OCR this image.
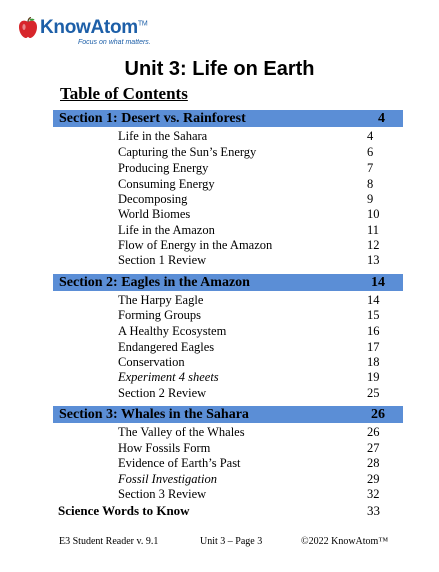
KnowAtom™
Focus on what matters.
Unit 3: Life on Earth
Table of Contents
Section 1: Desert vs. Rainforest	4
Life in the Sahara	4
Capturing the Sun’s Energy	6
Producing Energy	7
Consuming Energy	8
Decomposing	9
World Biomes	10
Life in the Amazon	11
Flow of Energy in the Amazon	12
Section 1 Review	13
Section 2: Eagles in the Amazon	14
The Harpy Eagle	14
Forming Groups	15
A Healthy Ecosystem	16
Endangered Eagles	17
Conservation	18
Experiment 4 sheets	19
Section 2 Review	25
Section 3: Whales in the Sahara	26
The Valley of the Whales	26
How Fossils Form	27
Evidence of Earth’s Past	28
Fossil Investigation	29
Section 3 Review	32
Science Words to Know	33
E3 Student Reader v. 9.1	Unit 3 – Page 3	©2022 KnowAtom™
